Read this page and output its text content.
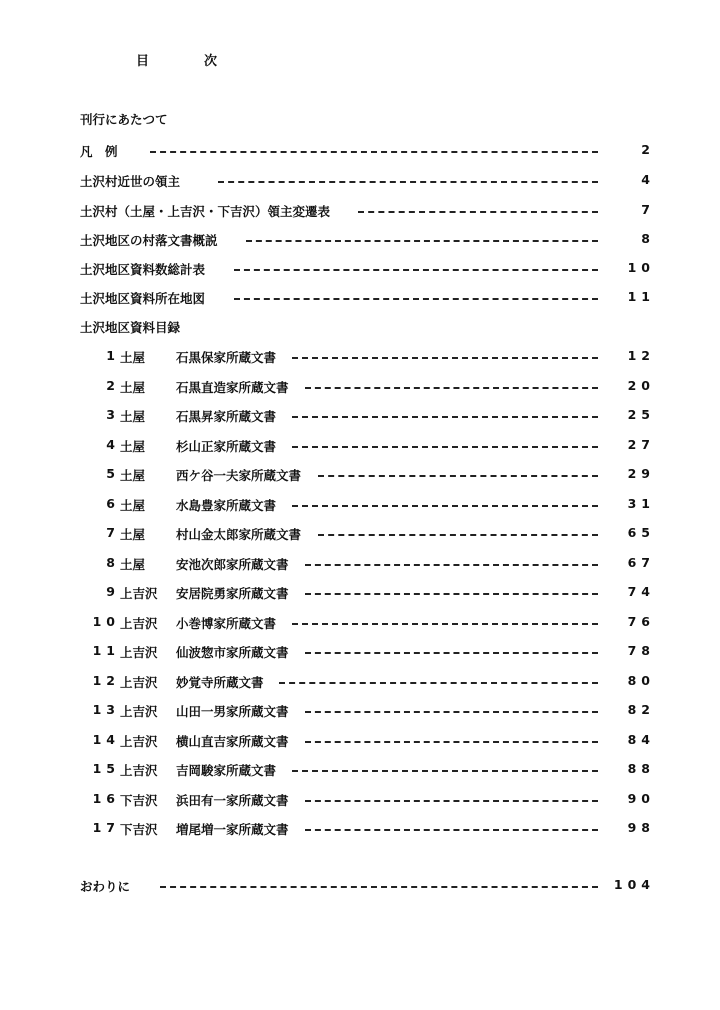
目	次
刊行にあたつて
凡　例	2
土沢村近世の領主	4
土沢村（土屋・上吉沢・下吉沢）領主変遷表	7
土沢地区の村落文書概説	8
土沢地区資料数総計表	10
土沢地区資料所在地図	11
土沢地区資料目録
1 土屋 石黒保家所蔵文書	12
2 土屋 石黒直造家所蔵文書	20
3 土屋 石黒昇家所蔵文書	25
4 土屋 杉山正家所蔵文書	27
5 土屋 西ケ谷一夫家所蔵文書	29
6 土屋 水島豊家所蔵文書	31
7 土屋 村山金太郎家所蔵文書	65
8 土屋 安池次郎家所蔵文書	67
9 上吉沢 安居院勇家所蔵文書	74
10 上吉沢 小巻博家所蔵文書	76
11 上吉沢 仙波惣市家所蔵文書	78
12 上吉沢 妙覚寺所蔵文書	80
13 上吉沢 山田一男家所蔵文書	82
14 上吉沢 横山直吉家所蔵文書	84
15 上吉沢 吉岡駿家所蔵文書	88
16 下吉沢 浜田有一家所蔵文書	90
17 下吉沢 増尾増一家所蔵文書	98
おわりに	104
